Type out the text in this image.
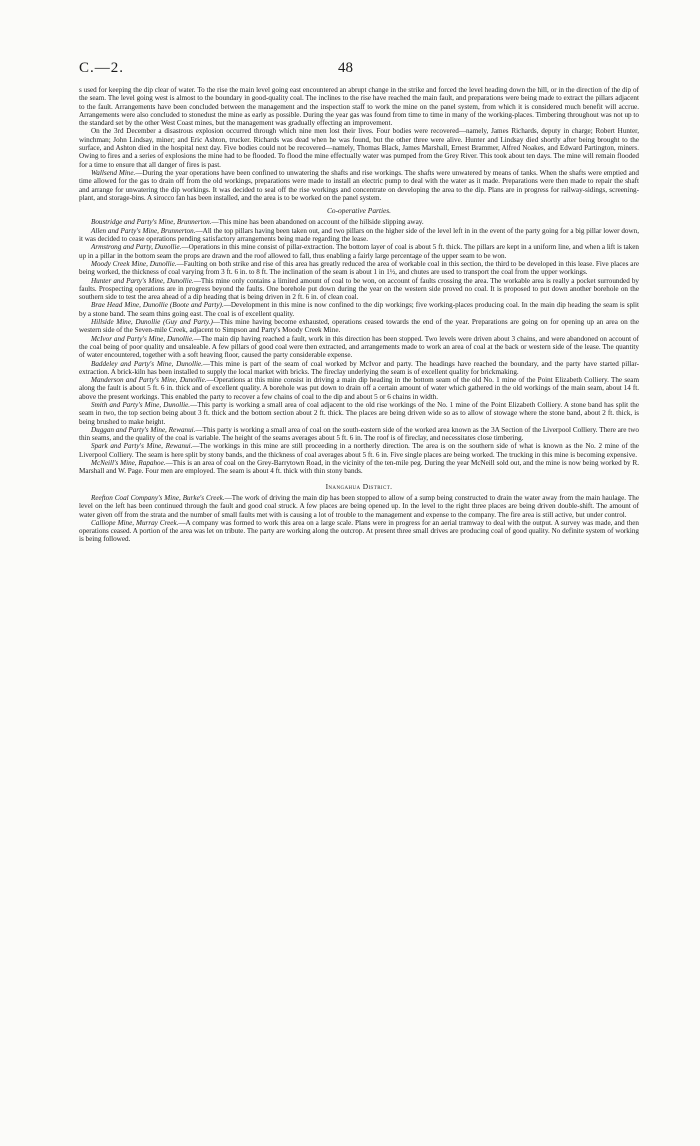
C.—2.	48

s used for keeping the dip clear of water. To the rise the main level going east encountered an abrupt change in the strike and forced the level heading down the hill, or in the direction of the dip of the seam. The level going west is almost to the boundary in good-quality coal. The inclines to the rise have reached the main fault, and preparations were being made to extract the pillars adjacent to the fault. Arrangements have been concluded between the management and the inspection staff to work the mine on the panel system, from which it is considered much benefit will accrue. Arrangements were also concluded to stonedust the mine as early as possible. During the year gas was found from time to time in many of the working-places. Timbering throughout was not up to the standard set by the other West Coast mines, but the management was gradually effecting an improvement.

On the 3rd December a disastrous explosion occurred through which nine men lost their lives. Four bodies were recovered—namely, James Richards, deputy in charge; Robert Hunter, winchman; John Lindsay, miner; and Eric Ashton, trucker. Richards was dead when he was found, but the other three were alive. Hunter and Lindsay died shortly after being brought to the surface, and Ashton died in the hospital next day. Five bodies could not be recovered—namely, Thomas Black, James Marshall, Ernest Brammer, Alfred Noakes, and Edward Partington, miners. Owing to fires and a series of explosions the mine had to be flooded. To flood the mine effectually water was pumped from the Grey River. This took about ten days. The mine will remain flooded for a time to ensure that all danger of fires is past.

Wallsend Mine.—During the year operations have been confined to unwatering the shafts and rise workings. The shafts were unwatered by means of tanks. When the shafts were emptied and time allowed for the gas to drain off from the old workings, preparations were made to install an electric pump to deal with the water as it made. Preparations were then made to repair the shaft and arrange for unwatering the dip workings. It was decided to seal off the rise workings and concentrate on developing the area to the dip. Plans are in progress for railway-sidings, screening-plant, and storage-bins. A sirocco fan has been installed, and the area is to be worked on the panel system.

Co-operative Parties.

Boustridge and Party's Mine, Brunnerton.—This mine has been abandoned on account of the hillside slipping away.

Allen and Party's Mine, Brunnerton.—All the top pillars having been taken out, and two pillars on the higher side of the level left in in the event of the party going for a big pillar lower down, it was decided to cease operations pending satisfactory arrangements being made regarding the lease.

Armstrong and Party, Dunollie.—Operations in this mine consist of pillar-extraction. The bottom layer of coal is about 5 ft. thick. The pillars are kept in a uniform line, and when a lift is taken up in a pillar in the bottom seam the props are drawn and the roof allowed to fall, thus enabling a fairly large percentage of the upper seam to be won.

Moody Creek Mine, Dunollie.—Faulting on both strike and rise of this area has greatly reduced the area of workable coal in this section, the third to be developed in this lease. Five places are being worked, the thickness of coal varying from 3 ft. 6 in. to 8 ft. The inclination of the seam is about 1 in 1½, and chutes are used to transport the coal from the upper workings.

Hunter and Party's Mine, Dunollie.—This mine only contains a limited amount of coal to be won, on account of faults crossing the area. The workable area is really a pocket surrounded by faults. Prospecting operations are in progress beyond the faults. One borehole put down during the year on the western side proved no coal. It is proposed to put down another borehole on the southern side to test the area ahead of a dip heading that is being driven in 2 ft. 6 in. of clean coal.

Brae Head Mine, Dunollie (Boote and Party).—Development in this mine is now confined to the dip workings; five working-places producing coal. In the main dip heading the seam is split by a stone band. The seam thins going east. The coal is of excellent quality.

Hillside Mine, Dunollie (Guy and Party.)—This mine having become exhausted, operations ceased towards the end of the year. Preparations are going on for opening up an area on the western side of the Seven-mile Creek, adjacent to Simpson and Party's Moody Creek Mine.

McIvor and Party's Mine, Dunollie.—The main dip having reached a fault, work in this direction has been stopped. Two levels were driven about 3 chains, and were abandoned on account of the coal being of poor quality and unsaleable. A few pillars of good coal were then extracted, and arrangements made to work an area of coal at the back or western side of the lease. The quantity of water encountered, together with a soft heaving floor, caused the party considerable expense.

Baddeley and Party's Mine, Dunollie.—This mine is part of the seam of coal worked by McIvor and party. The headings have reached the boundary, and the party have started pillar-extraction. A brick-kiln has been installed to supply the local market with bricks. The fireclay underlying the seam is of excellent quality for brickmaking.

Manderson and Party's Mine, Dunollie.—Operations at this mine consist in driving a main dip heading in the bottom seam of the old No. 1 mine of the Point Elizabeth Colliery. The seam along the fault is about 5 ft. 6 in. thick and of excellent quality. A borehole was put down to drain off a certain amount of water which gathered in the old workings of the main seam, about 14 ft. above the present workings. This enabled the party to recover a few chains of coal to the dip and about 5 or 6 chains in width.

Smith and Party's Mine, Dunollie.—This party is working a small area of coal adjacent to the old rise workings of the No. 1 mine of the Point Elizabeth Colliery. A stone band has split the seam in two, the top section being about 3 ft. thick and the bottom section about 2 ft. thick. The places are being driven wide so as to allow of stowage where the stone band, about 2 ft. thick, is being brushed to make height.

Duggan and Party's Mine, Rewanui.—This party is working a small area of coal on the south-eastern side of the worked area known as the 3A Section of the Liverpool Colliery. There are two thin seams, and the quality of the coal is variable. The height of the seams averages about 5 ft. 6 in. The roof is of fireclay, and necessitates close timbering.

Spark and Party's Mine, Rewanui.—The workings in this mine are still proceeding in a northerly direction. The area is on the southern side of what is known as the No. 2 mine of the Liverpool Colliery. The seam is here split by stony bands, and the thickness of coal averages about 5 ft. 6 in. Five single places are being worked. The trucking in this mine is becoming expensive.

McNeill's Mine, Rapahoe.—This is an area of coal on the Grey-Barrytown Road, in the vicinity of the ten-mile peg. During the year McNeill sold out, and the mine is now being worked by R. Marshall and W. Page. Four men are employed. The seam is about 4 ft. thick with thin stony bands.

Inangahua District.

Reefton Coal Company's Mine, Burke's Creek.—The work of driving the main dip has been stopped to allow of a sump being constructed to drain the water away from the main haulage. The level on the left has been continued through the fault and good coal struck. A few places are being opened up. In the level to the right three places are being driven double-shift. The amount of water given off from the strata and the number of small faults met with is causing a lot of trouble to the management and expense to the company. The fire area is still active, but under control.

Calliope Mine, Murray Creek.—A company was formed to work this area on a large scale. Plans were in progress for an aerial tramway to deal with the output. A survey was made, and then operations ceased. A portion of the area was let on tribute. The party are working along the outcrop. At present three small drives are producing coal of good quality. No definite system of working is being followed.
